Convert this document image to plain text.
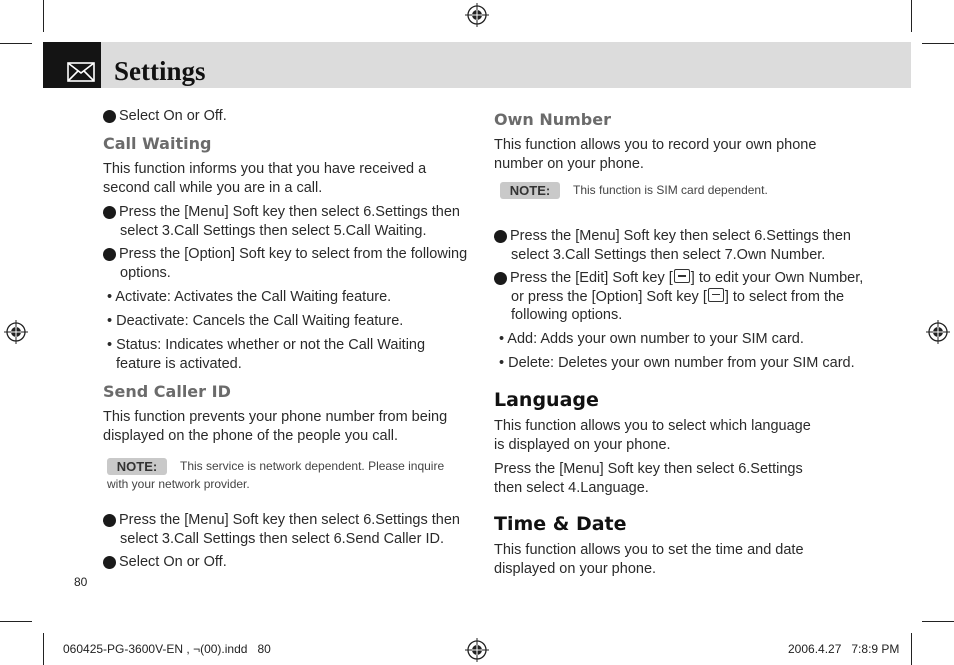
Settings
2 Select On or Off.
Call Waiting
This function informs you that you have received a second call while you are in a call.
1 Press the [Menu] Soft key then select 6.Settings then select 3.Call Settings then select 5.Call Waiting.
2 Press the [Option] Soft key to select from the following options.
• Activate: Activates the Call Waiting feature.
• Deactivate: Cancels the Call Waiting feature.
• Status: Indicates whether or not the Call Waiting feature is activated.
Send Caller ID
This function prevents your phone number from being displayed on the phone of the people you call.
NOTE:	This service is network dependent. Please inquire
with your network provider.
1 Press the [Menu] Soft key then select 6.Settings then select 3.Call Settings then select 6.Send Caller ID.
2 Select On or Off.
80
Own Number
This function allows you to record your own phone number on your phone.
NOTE:	This function is SIM card dependent.
1 Press the [Menu] Soft key then select 6.Settings then select 3.Call Settings then select 7.Own Number.
2 Press the [Edit] Soft key [ ] to edit your Own Number, or press the [Option] Soft key [ ] to select from the following options.
• Add: Adds your own number to your SIM card.
• Delete: Deletes your own number from your SIM card.
Language
This function allows you to select which language is displayed on your phone.
Press the [Menu] Soft key then select 6.Settings then select 4.Language.
Time & Date
This function allows you to set the time and date displayed on your phone.
060425-PG-3600V-EN , ¬(00).indd   80	2006.4.27   7:8:9 PM
